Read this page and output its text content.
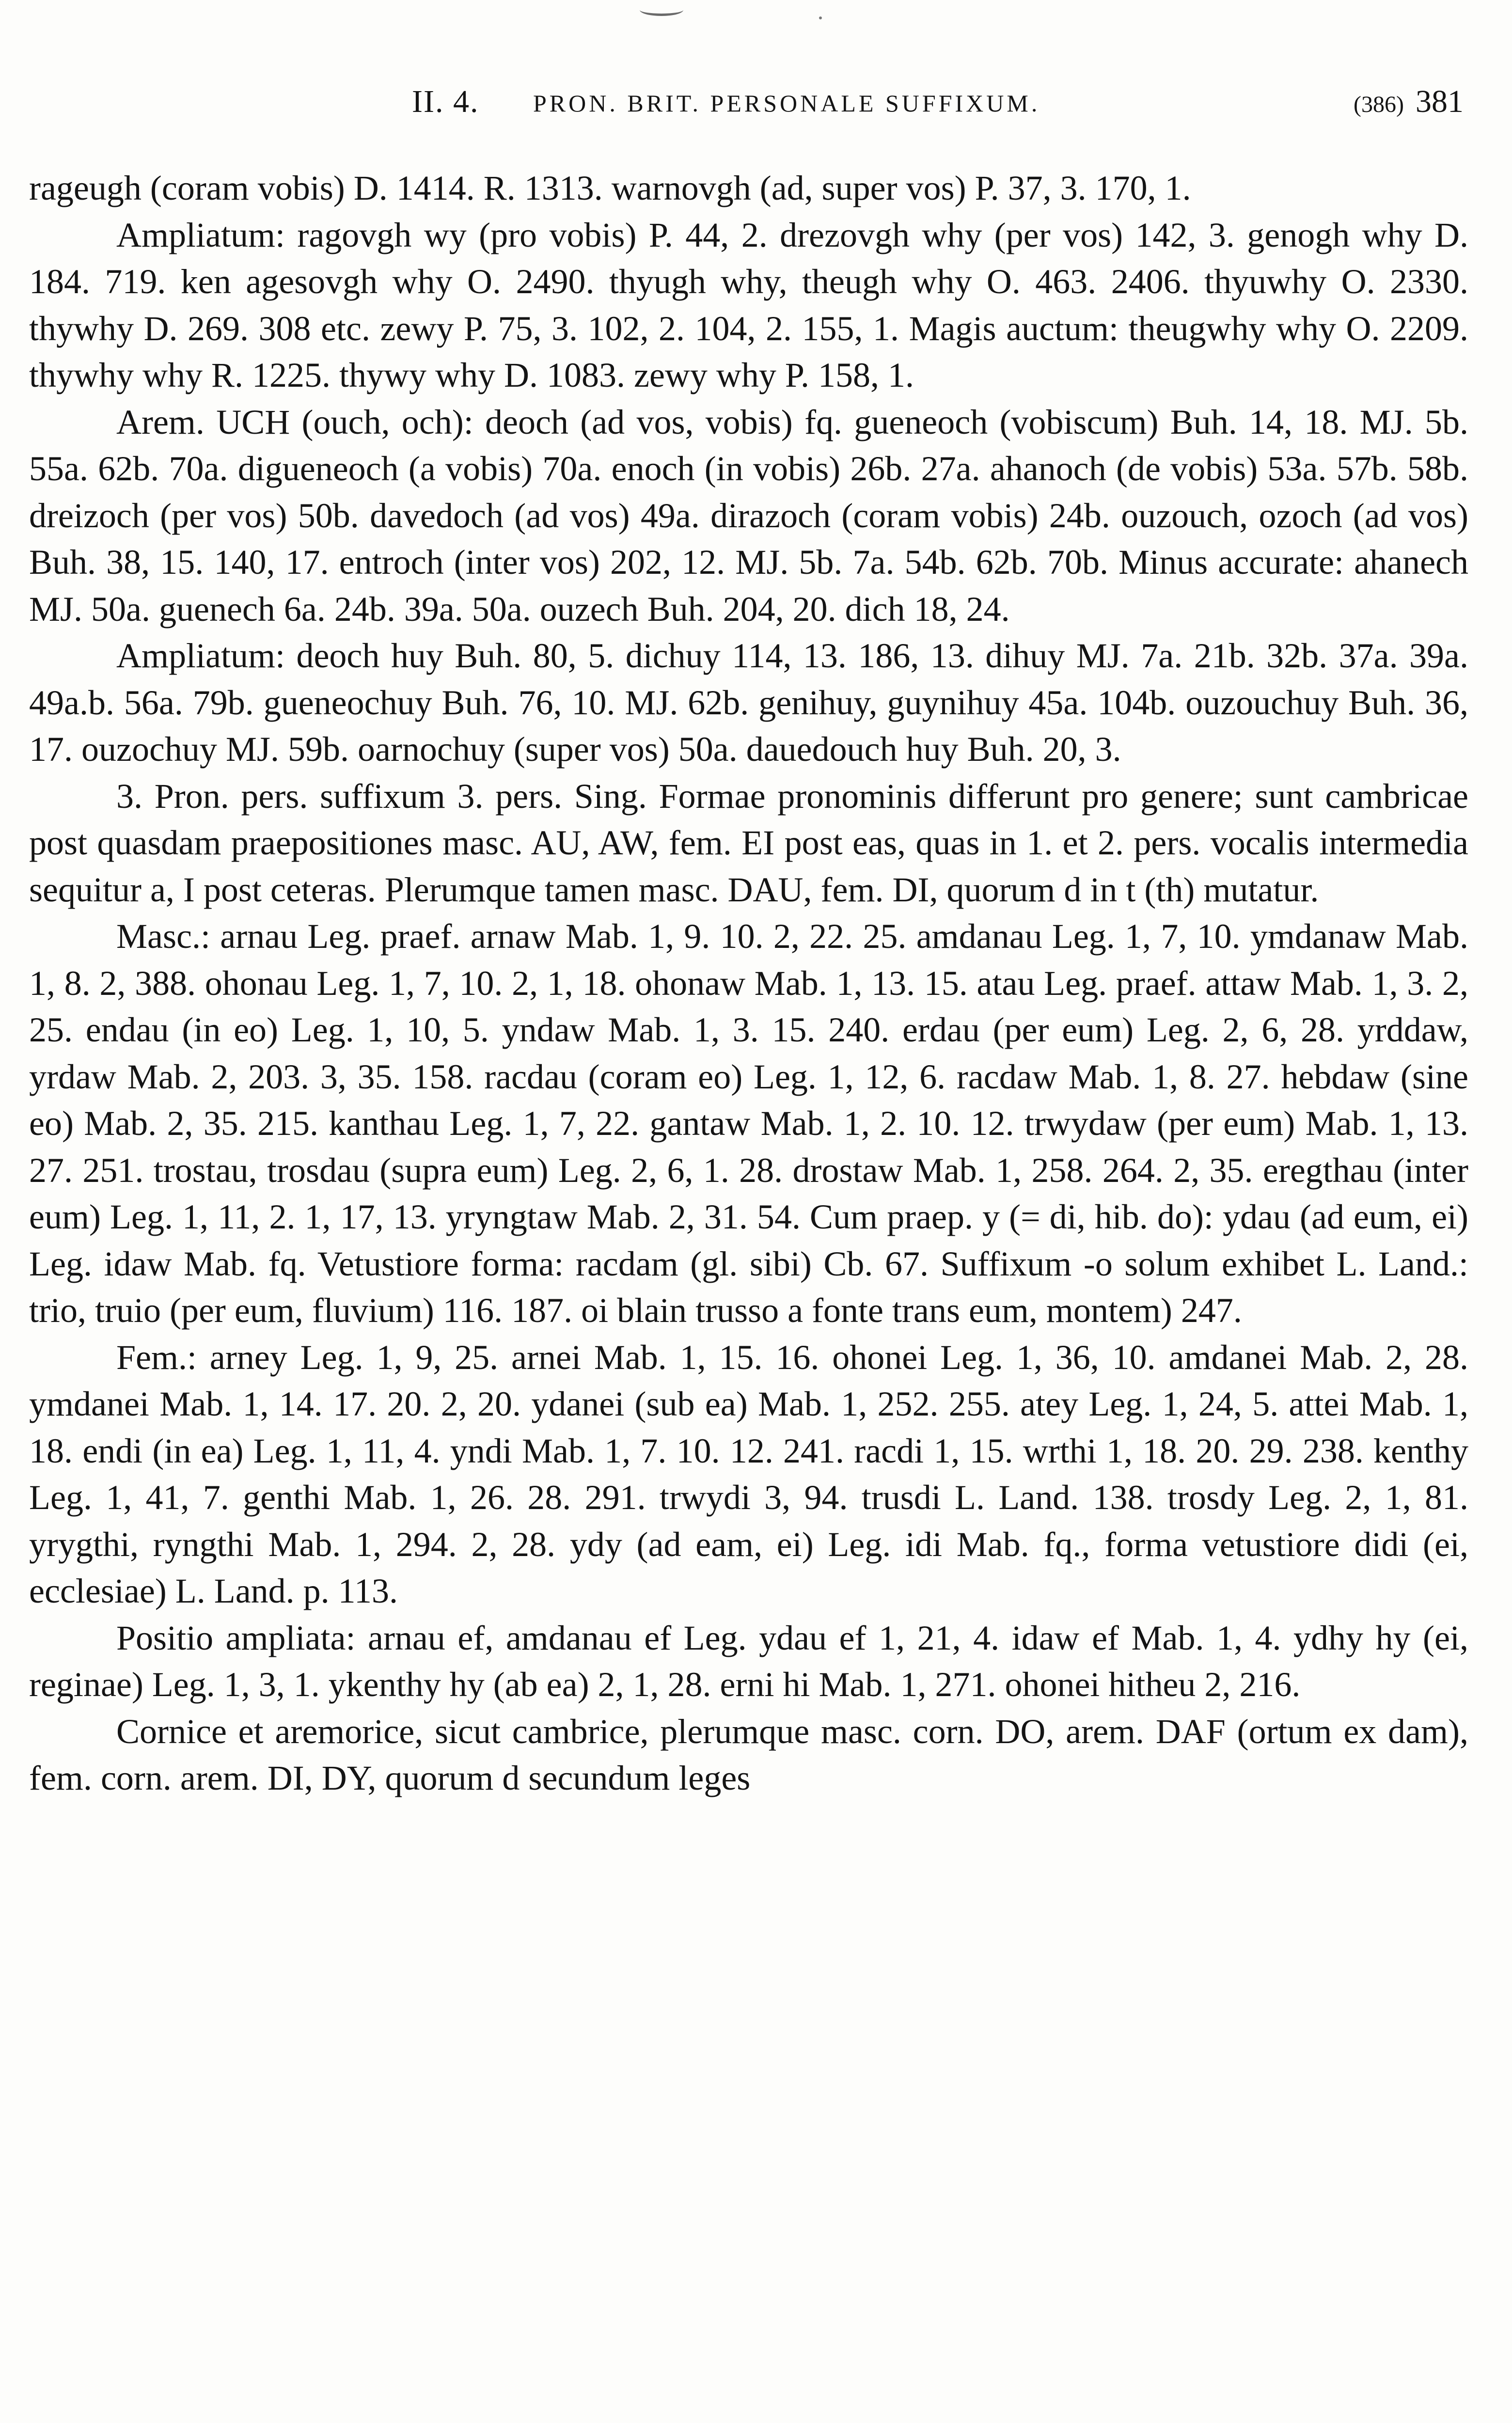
II. 4. PRON. BRIT. PERSONALE SUFFIXUM.	(386) 381

rageugh (coram vobis) D. 1414. R. 1313. warnovgh (ad, super vos) P. 37, 3. 170, 1.

Ampliatum: ragovgh wy (pro vobis) P. 44, 2. drezovgh why (per vos) 142, 3. genogh why D. 184. 719. ken agesovgh why O. 2490. thyugh why, theugh why O. 463. 2406. thyuwhy O. 2330. thywhy D. 269. 308 etc. zewy P. 75, 3. 102, 2. 104, 2. 155, 1. Magis auctum: theugwhy why O. 2209. thywhy why R. 1225. thywy why D. 1083. zewy why P. 158, 1.

Arem. UCH (ouch, och): deoch (ad vos, vobis) fq. gueneoch (vobiscum) Buh. 14, 18. MJ. 5b. 55a. 62b. 70a. digueneoch (a vobis) 70a. enoch (in vobis) 26b. 27a. ahanoch (de vobis) 53a. 57b. 58b. dreizoch (per vos) 50b. davedoch (ad vos) 49a. dirazoch (coram vobis) 24b. ouzouch, ozoch (ad vos) Buh. 38, 15. 140, 17. entroch (inter vos) 202, 12. MJ. 5b. 7a. 54b. 62b. 70b. Minus accurate: ahanech MJ. 50a. guenech 6a. 24b. 39a. 50a. ouzech Buh. 204, 20. dich 18, 24.

Ampliatum: deoch huy Buh. 80, 5. dichuy 114, 13. 186, 13. dihuy MJ. 7a. 21b. 32b. 37a. 39a. 49a.b. 56a. 79b. gueneochuy Buh. 76, 10. MJ. 62b. genihuy, guynihuy 45a. 104b. ouzouchuy Buh. 36, 17. ouzochuy MJ. 59b. oarnochuy (super vos) 50a. dauedouch huy Buh. 20, 3.

3. Pron. pers. suffixum 3. pers. Sing. Formae pronominis differunt pro genere; sunt cambricae post quasdam praepositiones masc. AU, AW, fem. EI post eas, quas in 1. et 2. pers. vocalis intermedia sequitur a, I post ceteras. Plerumque tamen masc. DAU, fem. DI, quorum d in t (th) mutatur.

Masc.: arnau Leg. praef. arnaw Mab. 1, 9. 10. 2, 22. 25. amdanau Leg. 1, 7, 10. ymdanaw Mab. 1, 8. 2, 388. ohonau Leg. 1, 7, 10. 2, 1, 18. ohonaw Mab. 1, 13. 15. atau Leg. praef. attaw Mab. 1, 3. 2, 25. endau (in eo) Leg. 1, 10, 5. yndaw Mab. 1, 3. 15. 240. erdau (per eum) Leg. 2, 6, 28. yrddaw, yrdaw Mab. 2, 203. 3, 35. 158. racdau (coram eo) Leg. 1, 12, 6. racdaw Mab. 1, 8. 27. hebdaw (sine eo) Mab. 2, 35. 215. kanthau Leg. 1, 7, 22. gantaw Mab. 1, 2. 10. 12. trwydaw (per eum) Mab. 1, 13. 27. 251. trostau, trosdau (supra eum) Leg. 2, 6, 1. 28. drostaw Mab. 1, 258. 264. 2, 35. eregthau (inter eum) Leg. 1, 11, 2. 1, 17, 13. yryngtaw Mab. 2, 31. 54. Cum praep. y (= di, hib. do): ydau (ad eum, ei) Leg. idaw Mab. fq. Vetustiore forma: racdam (gl. sibi) Cb. 67. Suffixum -o solum exhibet L. Land.: trio, truio (per eum, fluvium) 116. 187. oi blain trusso a fonte trans eum, montem) 247.

Fem.: arney Leg. 1, 9, 25. arnei Mab. 1, 15. 16. ohonei Leg. 1, 36, 10. amdanei Mab. 2, 28. ymdanei Mab. 1, 14. 17. 20. 2, 20. ydanei (sub ea) Mab. 1, 252. 255. atey Leg. 1, 24, 5. attei Mab. 1, 18. endi (in ea) Leg. 1, 11, 4. yndi Mab. 1, 7. 10. 12. 241. racdi 1, 15. wrthi 1, 18. 20. 29. 238. kenthy Leg. 1, 41, 7. genthi Mab. 1, 26. 28. 291. trwydi 3, 94. trusdi L. Land. 138. trosdy Leg. 2, 1, 81. yrygthi, ryngthi Mab. 1, 294. 2, 28. ydy (ad eam, ei) Leg. idi Mab. fq., forma vetustiore didi (ei, ecclesiae) L. Land. p. 113.

Positio ampliata: arnau ef, amdanau ef Leg. ydau ef 1, 21, 4. idaw ef Mab. 1, 4. ydhy hy (ei, reginae) Leg. 1, 3, 1. ykenthy hy (ab ea) 2, 1, 28. erni hi Mab. 1, 271. ohonei hitheu 2, 216.

Cornice et aremorice, sicut cambrice, plerumque masc. corn. DO, arem. DAF (ortum ex dam), fem. corn. arem. DI, DY, quorum d secundum leges
